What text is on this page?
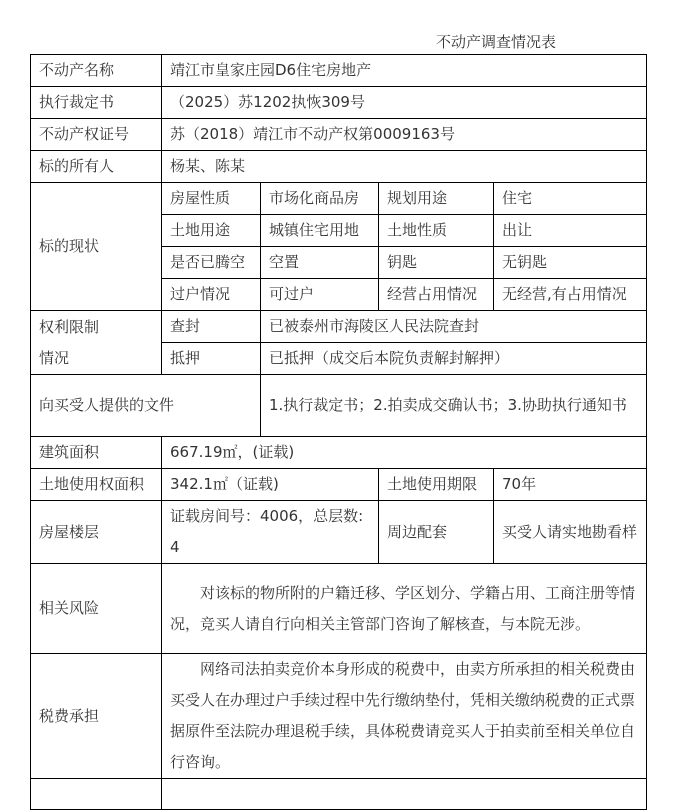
不动产调查情况表
不动产名称	靖江市皇家庄园D6住宅房地产			
执行裁定书	（2025）苏1202执恢309号			
不动产权证号	苏（2018）靖江市不动产权第0009163号			
标的所有人	杨某、陈某			
标的现状	房屋性质	市场化商品房	规划用途	住宅
	土地用途	城镇住宅用地	土地性质	出让
	是否已腾空	空置	钥匙	无钥匙
	过户情况	可过户	经营占用情况	无经营,有占用情况

权利限制
情况	查封	已被泰州市海陵区人民法院查封		
	抵押	已抵押（成交后本院负责解封解押）		
向买受人提供的文件		1.执行裁定书；2.拍卖成交确认书；3.协助执行通知书		
建筑面积	667.19㎡，(证载)			
土地使用权面积	342.1㎡（证载)		土地使用期限	70年
房屋楼层	证载房间号：4006，总层数:4		周边配套	买受人请实地勘看样
相关风险	对该标的物所附的户籍迁移、学区划分、学籍占用、工商注册等情况，竞买人请自行向相关主管部门咨询了解核查，与本院无涉。			
税费承担	网络司法拍卖竞价本身形成的税费中，由卖方所承担的相关税费由买受人在办理过户手续过程中先行缴纳垫付，凭相关缴纳税费的正式票据原件至法院办理退税手续，具体税费请竞买人于拍卖前至相关单位自行咨询。			
